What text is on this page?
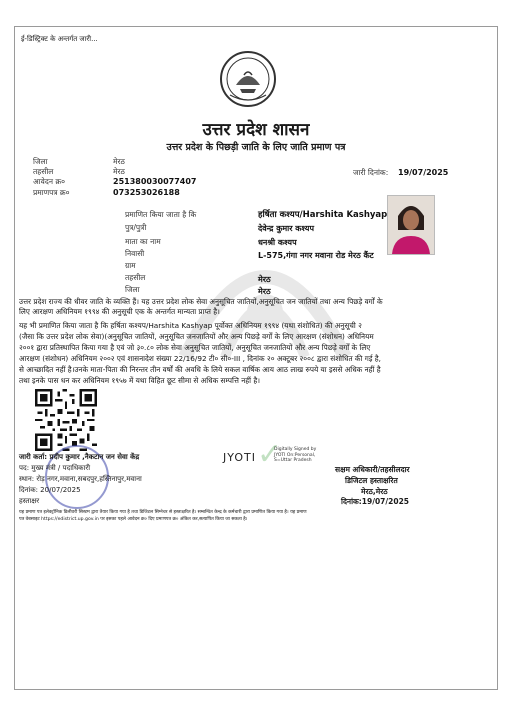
ई-डिस्ट्रिक्ट के अन्तर्गत जारी...
उत्तर प्रदेश शासन
उत्तर प्रदेश के पिछड़ी जाति के लिए जाति प्रमाण पत्र
जिला	मेरठ
तहसील	मेरठ
आवेदन क्र०	251380030077407
प्रमाणपत्र क्र०	073253026188
जारी दिनांक: 19/07/2025
प्रमाणित किया जाता है कि	हर्षिता कश्यप/Harshita Kashyap
पुत्र/पुत्री	देवेन्द्र कुमार कश्यप
माता का नाम	धनश्री कश्यप
निवासी	L-575,गंगा नगर मवाना रोड मेरठ कैंट
ग्राम
तहसील	मेरठ
जिला	मेरठ
उत्तर प्रदेश राज्य की धीवर जाति के व्यक्ति हैं। यह उत्तर प्रदेश लोक सेवा अनुसूचित जातियों,अनुसूचित जन जातियों तथा अन्य पिछड़े वर्गों के
लिए आरक्षण अधिनियम १९९४ की अनुसूची एक के अन्तर्गत मान्यता प्राप्त है।
यह भी प्रमाणित किया जाता है कि हर्षिता कश्यप/Harshita Kashyap पूर्वोक्त अधिनियम १९९४ (यथा संशोधित) की अनुसूची २
(जैसा कि उत्तर प्रदेश लोक सेवा)(अनुसूचित जातियों, अनुसूचित जनजातियों और अन्य पिछड़े वर्गों के लिए आरक्षण (संशोधन) अधिनियम
२००१ द्वारा प्रतिस्थापित किया गया है एवं जो ३०.८० लोक सेवा अनुसूचित जातियों, अनुसूचित जनजातियों और अन्य पिछड़े वर्गों के लिए
आरक्षण (संशोधन) अधिनियम २००२ एवं शासनादेश संख्या 22/16/92 टी० सी०-III , दिनांक २० अक्टूबर २००८ द्वारा संशोधित की गई है,
से आच्छादित नहीं है।उनके माता-पिता की निरन्तर तीन वर्षों की अवधि के लिये सकल वार्षिक आय आठ लाख रुपये या इससे अधिक नहीं है
तथा इनके पास धन कर अधिनियम १९५७ में यथा विहित छूट सीमा से अधिक सम्पत्ति नहीं है।
जारी कर्ता: प्रदीप कुमार ,नैकटान जन सेवा केंद्र
पद: मुख्य मंत्री / पदाधिकारी
स्थान: रोड़ नगर,मवाना,सबदपुर,हस्तिनापुर,मवाना
दिनांक: 20/07/2025
हस्ताक्षर
✓
JYOTI
Digitally Signed by
JYOTI On:Personal,
S=Uttar Pradesh
सक्षम अधिकारी/तहसीलदार
डिजिटल हस्ताक्षरित
मेरठ,मेरठ
दिनांक:19/07/2025
यह प्रमाण पत्र इलेक्ट्रॉनिक डिलीवरी सिस्टम द्वारा तैयार किया गया है तथा डिजिटल सिग्नेचर से हस्ताक्षरित है। सम्बन्धित केन्द्र के कर्मचारी द्वारा प्रमाणित किया गया है। यह प्रमाण
पत्र वेबसाइट https://edistrict.up.gov.in पर इसका पहले आवेदन क्र० दिए प्रमाणपत्र क्र० अंकित कर,सत्यापित किया जा सकता है।
